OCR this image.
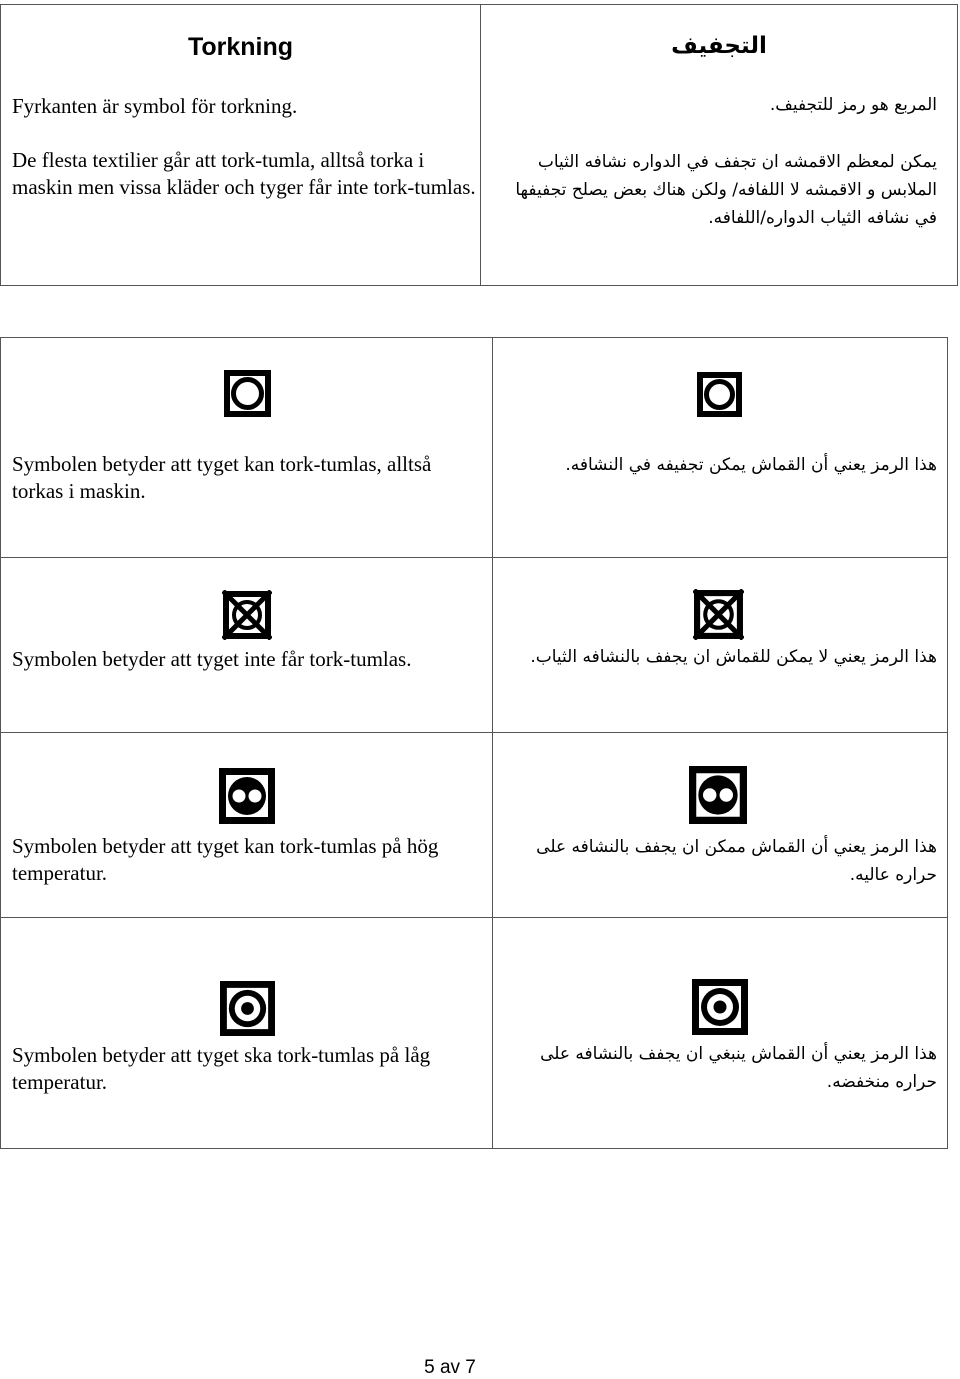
Torkning
Fyrkanten är symbol för torkning.
De flesta textilier går att tork-tumla, alltså torka i maskin men vissa kläder och tyger får inte tork-tumlas.
التجفيف
المربع هو رمز للتجفيف.
يمكن لمعظم الاقمشه ان تجفف في الدواره نشافه الثياب الملابس و الاقمشه لا اللفافه/ ولكن هناك بعض يصلح تجفيفها في نشافه الثياب الدواره/اللفافه.
Symbolen betyder att tyget kan tork-tumlas, alltså torkas i maskin.
هذا الرمز يعني أن القماش يمكن تجفيفه في النشافه.
Symbolen betyder att tyget inte får tork-tumlas.	هذا الرمز يعني لا يمكن للقماش ان يجفف بالنشافه الثياب.
Symbolen betyder att tyget kan tork-tumlas på hög temperatur.
هذا الرمز يعني أن القماش ممكن ان يجفف بالنشافه على حراره عاليه.
Symbolen betyder att tyget ska tork-tumlas på låg temperatur.
هذا الرمز يعني أن القماش ينبغي ان يجفف بالنشافه على حراره منخفضه.
5 av 7
